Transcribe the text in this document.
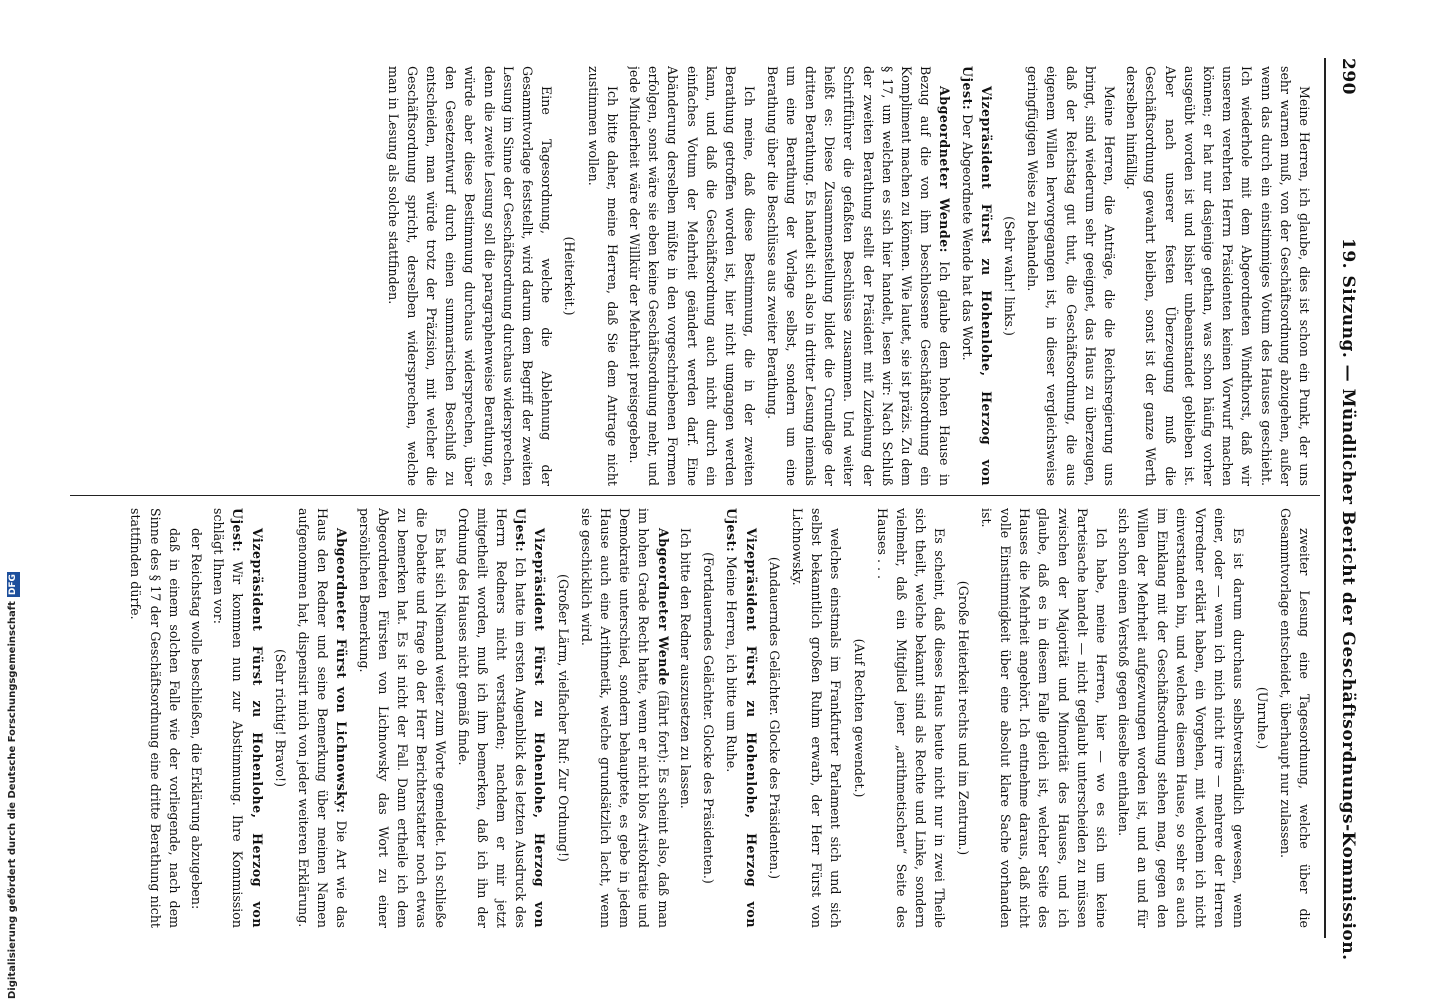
290
19. Sitzung. — Mündlicher Bericht der Geschäftsordnungs-Kommission.

Meine Herren, ich glaube, dies ist schon ein Punkt, der uns sehr warnen muß, von der Geschäftsordnung abzugehen, außer wenn das durch ein einstimmiges Votum des Hauses geschieht. Ich wiederhole mit dem Abgeordneten Windthorst, daß wir unserem verehrten Herrn Präsidenten keinen Vorwurf machen können; er hat nur dasjenige gethan, was schon häufig vorher ausgeübt worden ist und bisher unbeanstandet geblieben ist. Aber nach unserer festen Überzeugung muß die Geschäftsordnung gewahrt bleiben, sonst ist der ganze Werth derselben hinfällig.

Meine Herren, die Anträge, die die Reichsregierung uns bringt, sind wiederum sehr geeignet, das Haus zu überzeugen, daß der Reichstag gut thut, die Geschäftsordnung, die aus eigenem Willen hervorgegangen ist, in dieser vergleichsweise geringfügigen Weise zu behandeln.

(Sehr wahr! links.)

Vizepräsident Fürst zu Hohenlohe, Herzog von Ujest: Der Abgeordnete Wende hat das Wort.

Abgeordneter Wende: Ich glaube dem hohen Hause in Bezug auf die von ihm beschlossene Geschäftsordnung ein Kompliment machen zu können. Wie lautet, sie ist präzis. Zu dem § 17, um welchen es sich hier handelt, lesen wir: Nach Schluß der zweiten Berathung stellt der Präsident mit Zuziehung der Schriftführer die gefaßten Beschlüsse zusammen. Und weiter heißt es: Diese Zusammenstellung bildet die Grundlage der dritten Berathung. Es handelt sich also in dritter Lesung niemals um eine Berathung der Vorlage selbst, sondern um eine Berathung über die Beschlüsse aus zweiter Berathung.

Ich meine, daß diese Bestimmung, die in der zweiten Berathung getroffen worden ist, hier nicht umgangen werden kann, und daß die Geschäftsordnung auch nicht durch ein einfaches Votum der Mehrheit geändert werden darf. Eine Abänderung derselben müßte in den vorgeschriebenen Formen erfolgen, sonst wäre sie eben keine Geschäftsordnung mehr, und jede Minderheit wäre der Willkür der Mehrheit preisgegeben.

Ich bitte daher, meine Herren, daß Sie dem Antrage nicht zustimmen wollen.

(Heiterkeit.)

Eine Tagesordnung, welche die Ablehnung der Gesammtvorlage feststellt, wird darum dem Begriff der zweiten Lesung im Sinne der Geschäftsordnung durchaus widersprechen, denn die zweite Lesung soll die paragraphenweise Berathung, es würde aber diese Bestimmung durchaus widersprechen, über den Gesetzentwurf durch einen summarischen Beschluß zu entscheiden, man würde trotz der Präzision, mit welcher die Geschäftsordnung spricht, derselben widersprechen, welche man in Lesung als solche stattfinden.

zweiter Lesung eine Tagesordnung, welche über die Gesammtvorlage entscheidet, überhaupt nur zulassen.

(Unruhe.)

Es ist darum durchaus selbstverständlich gewesen, wenn einer, oder — wenn ich mich nicht irre — mehrere der Herren Vorredner erklärt haben, ein Vorgehen, mit welchem ich nicht einverstanden bin, und welches diesem Hause, so sehr es auch im Einklang mit der Geschäftsordnung stehen mag, gegen den Willen der Mehrheit aufgezwungen worden ist, und an und für sich schon einen Verstoß gegen dieselbe enthalten.

Ich habe, meine Herren, hier — wo es sich um keine Parteisache handelt — nicht geglaubt unterscheiden zu müssen zwischen der Majorität und Minorität des Hauses, und ich glaube, daß es in diesem Falle gleich ist, welcher Seite des Hauses die Mehrheit angehört. Ich entnehme daraus, daß nicht volle Einstimmigkeit über eine absolut klare Sache vorhanden ist.

(Große Heiterkeit rechts und im Zentrum.)

Es scheint, daß dieses Haus heute nicht nur in zwei Theile sich theilt, welche bekannt sind als Rechte und Linke, sondern vielmehr, daß ein Mitglied jener „arithmetischen“ Seite des Hauses . . .

(Auf Rechten gewendet.)

welches einstmals im Frankfurter Parlament sich und sich selbst bekanntlich großen Ruhm erwarb, der Herr Fürst von Lichnowsky.

(Andauerndes Gelächter. Glocke des Präsidenten.)

Vizepräsident Fürst zu Hohenlohe, Herzog von Ujest: Meine Herren, ich bitte um Ruhe.

(Fortdauerndes Gelächter. Glocke des Präsidenten.)

Ich bitte den Redner auszusetzen zu lassen.

Abgeordneter Wende (fährt fort): Es scheint also, daß man im hohen Grade Recht hatte, wenn er nicht blos Aristokratie und Demokratie unterschied, sondern behauptete, es gebe in jedem Hause auch eine Arithmetik, welche grundsätzlich lacht, wenn sie geschicklich wird.

(Großer Lärm, vielfacher Ruf: Zur Ordnung!)

Vizepräsident Fürst zu Hohenlohe, Herzog von Ujest: Ich hatte im ersten Augenblick des letzten Ausdruck des Herrn Redners nicht verstanden; nachdem er mir jetzt mitgetheilt worden, muß ich ihm bemerken, daß ich ihn der Ordnung des Hauses nicht gemäß finde.

Es hat sich Niemand weiter zum Worte gemeldet. Ich schließe die Debatte und frage ob der Herr Berichterstatter noch etwas zu bemerken hat. Es ist nicht der Fall. Dann ertheile ich dem Abgeordneten Fürsten von Lichnowsky das Wort zu einer persönlichen Bemerkung.

Abgeordneter Fürst von Lichnowsky: Die Art wie das Haus den Redner und seine Bemerkung über meinen Namen aufgenommen hat, dispensirt mich von jeder weiteren Erklärung.

(Sehr richtig! Bravo!)

Vizepräsident Fürst zu Hohenlohe, Herzog von Ujest: Wir kommen nun zur Abstimmung. Ihre Kommission schlägt Ihnen vor:

der Reichstag wolle beschließen, die Erklärung abzugeben:

daß in einem solchen Falle wie der vorliegende, nach dem Sinne des § 17 der Geschäftsordnung eine dritte Berathung nicht stattfinden dürfe.

Digitalisierung gefördert durch die Deutsche ForschungsgemeinschaftDFG
